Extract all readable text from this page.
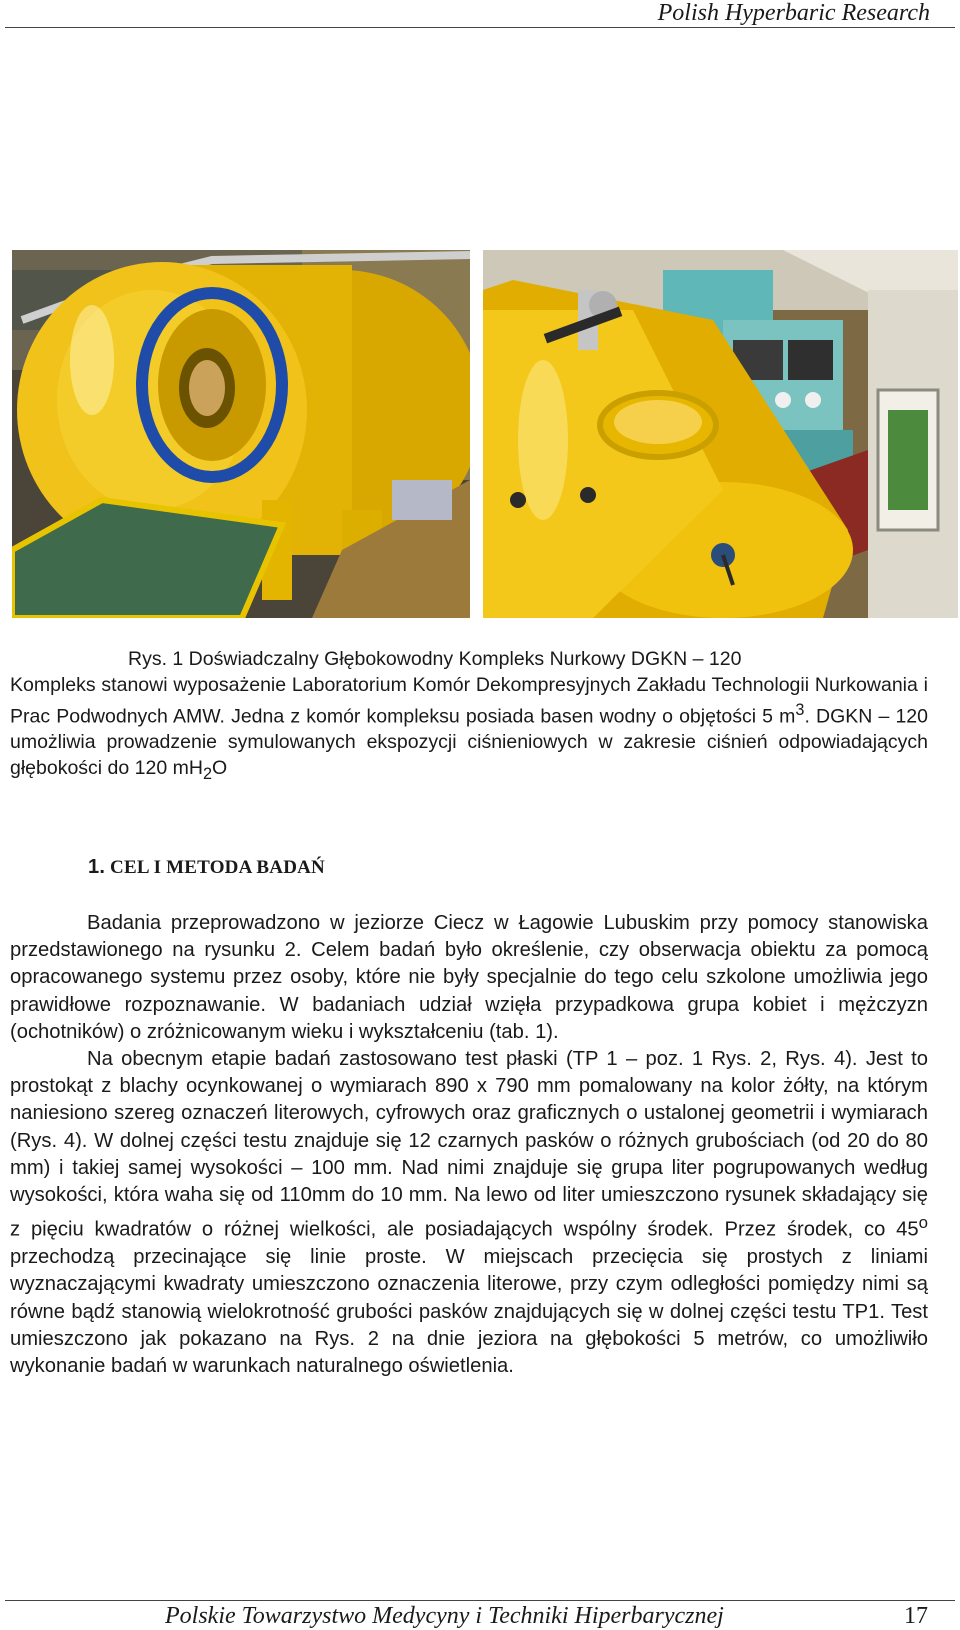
Polish Hyperbaric Research
Rys. 1 Doświadczalny Głębokowodny Kompleks Nurkowy DGKN – 120
Kompleks stanowi wyposażenie Laboratorium Komór Dekompresyjnych Zakładu Technologii Nurkowania i Prac Podwodnych AMW. Jedna z komór kompleksu posiada basen wodny o objętości 5 $m^3$. DGKN – 120 umożliwia prowadzenie symulowanych ekspozycji ciśnieniowych w zakresie ciśnień odpowiadających głębokości do 120 $mH_2O$
1. CEL I METODA BADAŃ

Badania przeprowadzono w jeziorze Ciecz w Łagowie Lubuskim przy pomocy stanowiska przedstawionego na rysunku 2. Celem badań było określenie, czy obserwacja obiektu za pomocą opracowanego systemu przez osoby, które nie były specjalnie do tego celu szkolone umożliwia jego prawidłowe rozpoznawanie. W badaniach udział wzięła przypadkowa grupa kobiet i mężczyzn (ochotników) o zróżnicowanym wieku i wykształceniu (tab. 1).

Na obecnym etapie badań zastosowano test płaski (TP 1 – poz. 1 Rys. 2, Rys. 4). Jest to prostokąt z blachy ocynkowanej o wymiarach 890 x 790 mm pomalowany na kolor żółty, na którym naniesiono szereg oznaczeń literowych, cyfrowych oraz graficznych o ustalonej geometrii i wymiarach (Rys. 4). W dolnej części testu znajduje się 12 czarnych pasków o różnych grubościach (od 20 do 80 mm) i takiej samej wysokości – 100 mm. Nad nimi znajduje się grupa liter pogrupowanych według wysokości, która waha się od 110mm do 10 mm. Na lewo od liter umieszczono rysunek składający się z pięciu kwadratów o różnej wielkości, ale posiadających wspólny środek. Przez środek, co 45$^o$ przechodzą przecinające się linie proste. W miejscach przecięcia się prostych z liniami wyznaczającymi kwadraty umieszczono oznaczenia literowe, przy czym odległości pomiędzy nimi są równe bądź stanowią wielokrotność grubości pasków znajdujących się w dolnej części testu TP1. Test umieszczono jak pokazano na Rys. 2 na dnie jeziora na głębokości 5 metrów, co umożliwiło wykonanie badań w warunkach naturalnego oświetlenia.

Polskie Towarzystwo Medycyny i Techniki Hiperbarycznej	17
